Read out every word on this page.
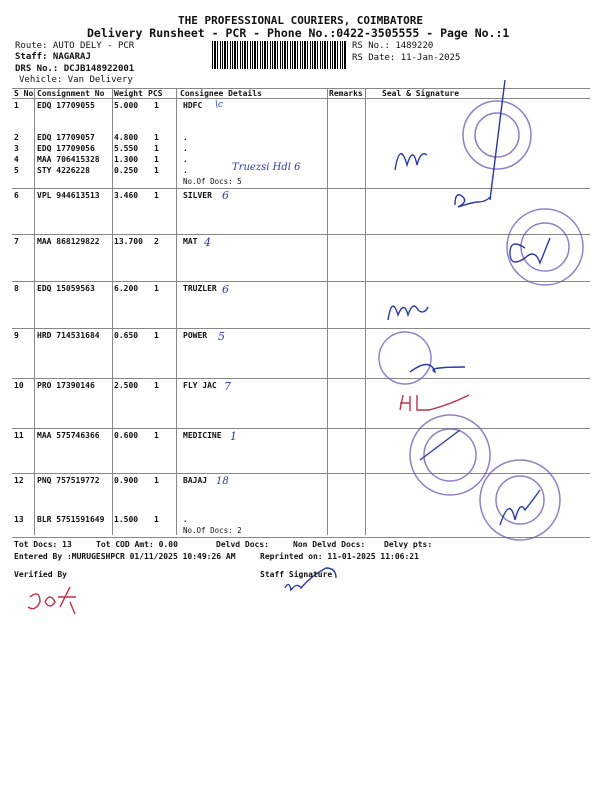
THE PROFESSIONAL COURIERS, COIMBATORE
Delivery Runsheet - PCR - Phone No.:0422-3505555 - Page No.:1
Route: AUTO DELY - PCR
Staff: NAGARAJ
DRS No.: DCJB148922001
Vehicle: Van Delivery
RS No.: 1489220
RS Date: 11-Jan-2025
S No Consignment No Weight PCS Consignee Details	Remarks Seal & Signature
1 EDQ 17709055 5.000 1	HDFC
2 EDQ 17709057 4.800 1	.
3 EDQ 17709056 5.550 1	.
4 MAA 706415328 1.300 1	.
5 STY 4226228	0.250 1	.
6 VPL 944613513 3.460 1	SILVER
7 MAA 868129822 13.700 2	MAT
8 EDQ 15059563 6.200 1	TRUZLER
9 HRD 714531684 0.650 1	POWER
10 PRO 17390146 2.500 1	FLY JAC
11 MAA 575746366 0.600 1	MEDICINE
12 PNQ 757519772 0.900 1	BAJAJ
13 BLR 5751591649 1.500 1	.
No.Of Docs: 5
No.Of Docs: 2
\c
Truezsi Hdl 6
6
4
6
5
7
1
18
Tot Docs: 13	Tot COD Amt: 0.00	Delvd Docs:	Non Delvd Docs: Delvy pts:
Entered By :MURUGESHPCR 01/11/2025 10:49:26 AM	Reprinted on: 11-01-2025 11:06:21
Verified By	Staff Signature
